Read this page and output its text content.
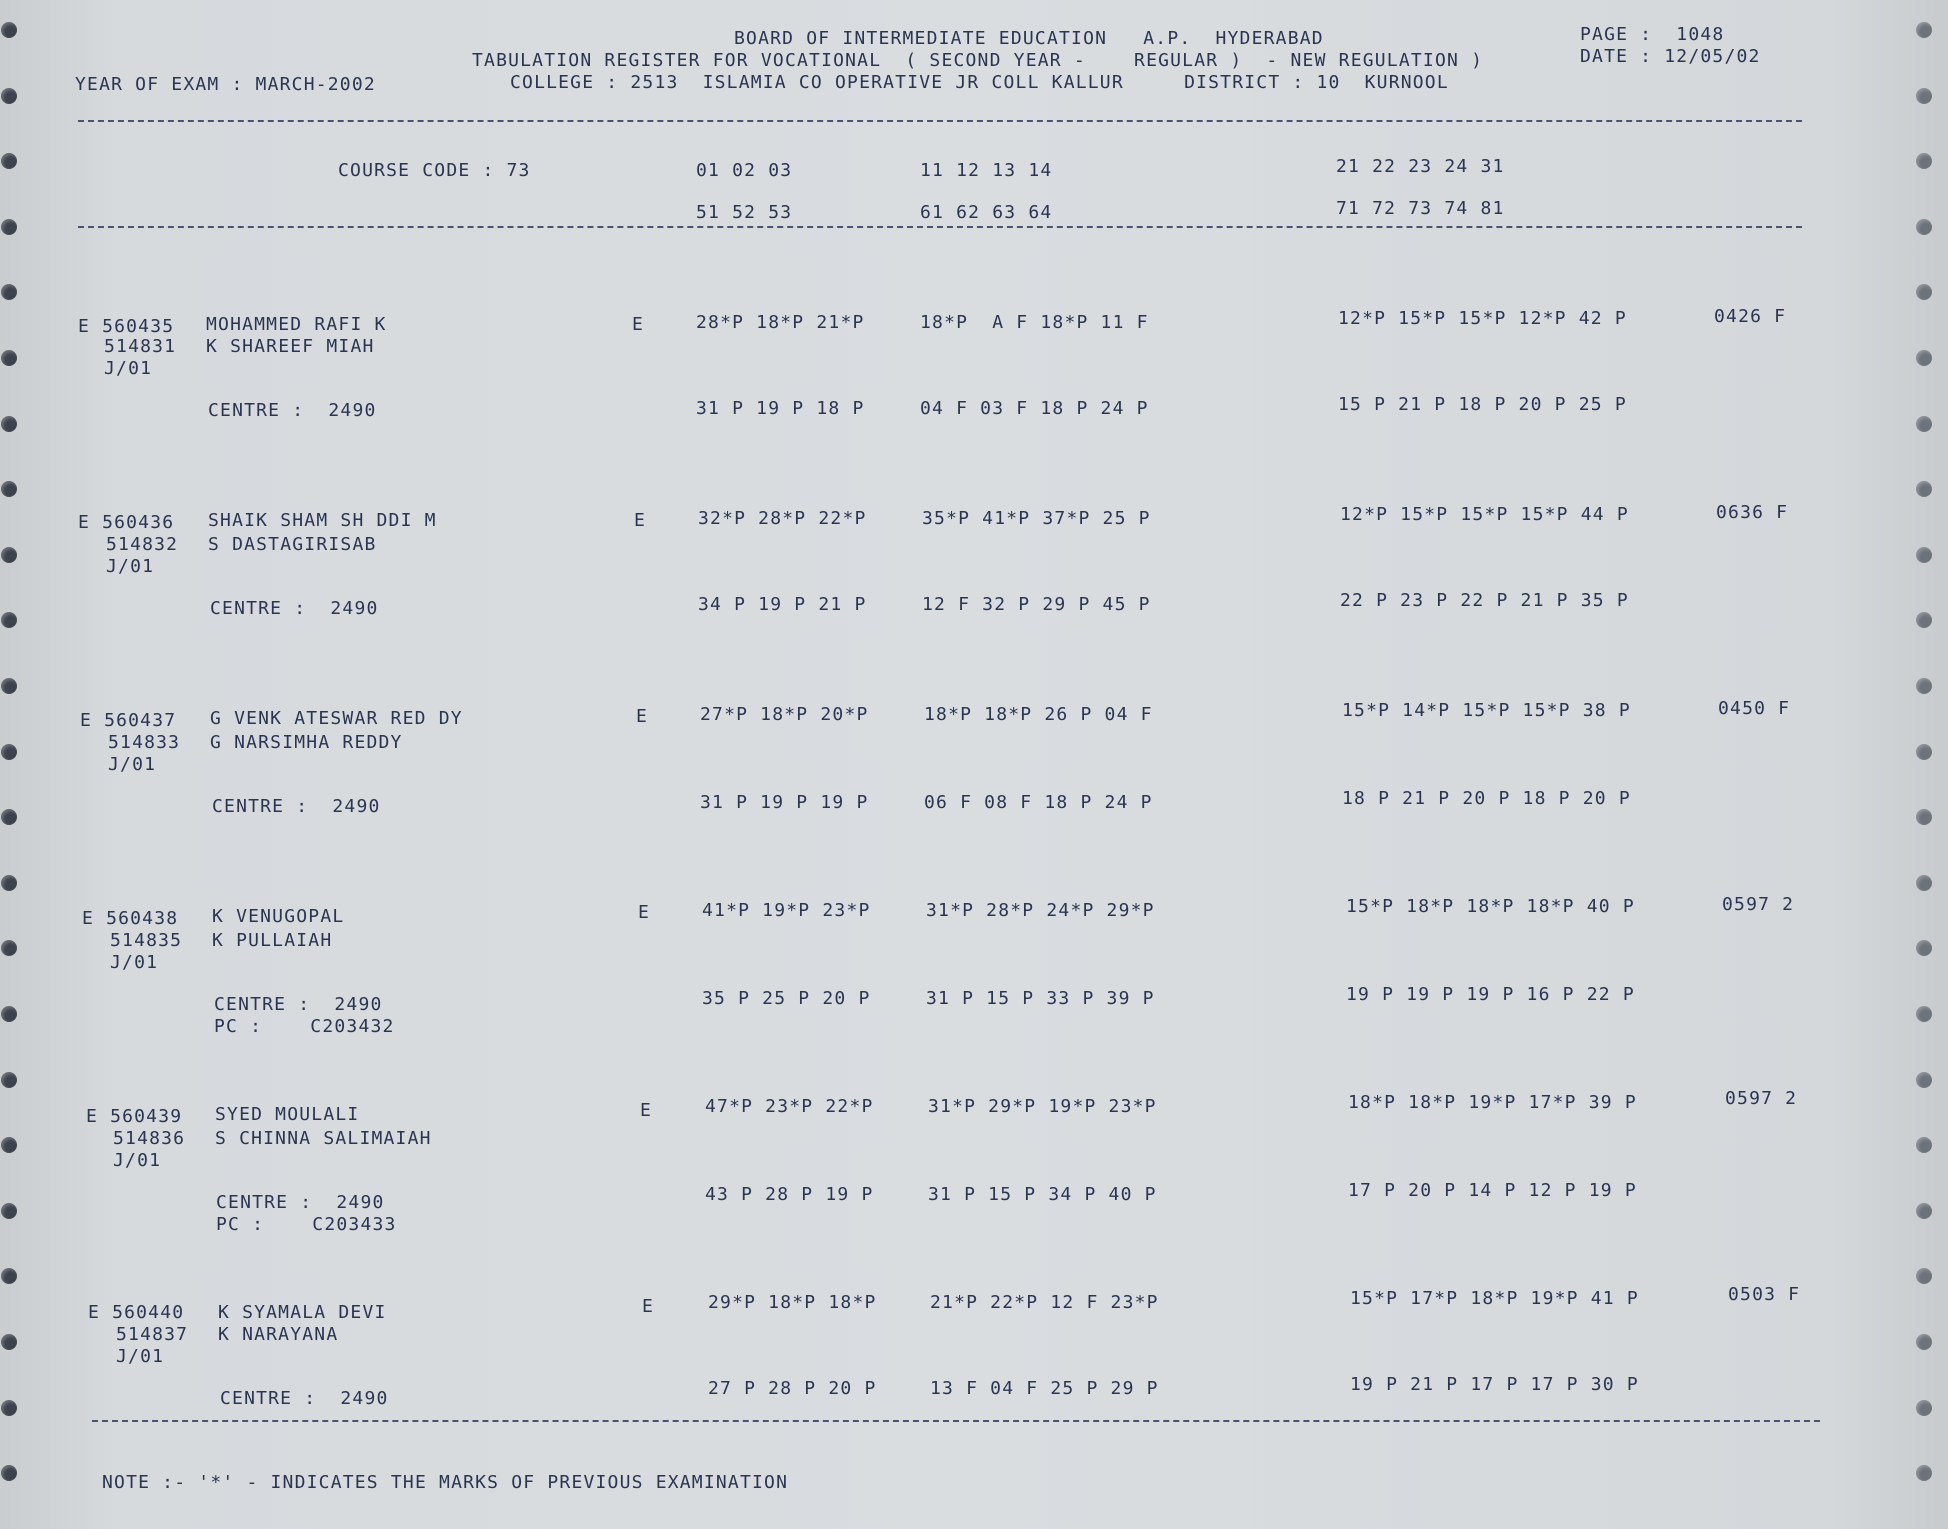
BOARD OF INTERMEDIATE EDUCATION   A.P.  HYDERABAD	PAGE :  1048
TABULATION REGISTER FOR VOCATIONAL  ( SECOND YEAR -    REGULAR )  - NEW REGULATION )	DATE : 12/05/02
YEAR OF EXAM : MARCH-2002	COLLEGE : 2513  ISLAMIA CO OPERATIVE JR COLL KALLUR     DISTRICT : 10  KURNOOL
COURSE CODE : 73	01 02 03	11 12 13 14	21 22 23 24 31
51 52 53	61 62 63 64	71 72 73 74 81
E 560435 MOHAMMED RAFI K	E	28*P 18*P 21*P	18*P  A F 18*P 11 F	12*P 15*P 15*P 12*P 42 P	0426 F
514831 K SHAREEF MIAH
J/01
CENTRE :  2490	31 P 19 P 18 P	04 F 03 F 18 P 24 P	15 P 21 P 18 P 20 P 25 P
E 560436 SHAIK SHAM SH DDI M	E	32*P 28*P 22*P	35*P 41*P 37*P 25 P	12*P 15*P 15*P 15*P 44 P	0636 F
514832 S DASTAGIRISAB
J/01
CENTRE :  2490	34 P 19 P 21 P	12 F 32 P 29 P 45 P	22 P 23 P 22 P 21 P 35 P
E 560437 G VENK ATESWAR RED DY	E	27*P 18*P 20*P	18*P 18*P 26 P 04 F	15*P 14*P 15*P 15*P 38 P	0450 F
514833 G NARSIMHA REDDY
J/01
CENTRE :  2490	31 P 19 P 19 P	06 F 08 F 18 P 24 P	18 P 21 P 20 P 18 P 20 P
E 560438 K VENUGOPAL	E	41*P 19*P 23*P	31*P 28*P 24*P 29*P	15*P 18*P 18*P 18*P 40 P	0597 2
514835 K PULLAIAH
J/01
CENTRE :  2490	35 P 25 P 20 P	31 P 15 P 33 P 39 P	19 P 19 P 19 P 16 P 22 P
PC :    C203432
E 560439 SYED MOULALI	E	47*P 23*P 22*P	31*P 29*P 19*P 23*P	18*P 18*P 19*P 17*P 39 P	0597 2
514836 S CHINNA SALIMAIAH
J/01
CENTRE :  2490	43 P 28 P 19 P	31 P 15 P 34 P 40 P	17 P 20 P 14 P 12 P 19 P
PC :    C203433
E 560440 K SYAMALA DEVI	E	29*P 18*P 18*P	21*P 22*P 12 F 23*P	15*P 17*P 18*P 19*P 41 P	0503 F
514837 K NARAYANA
J/01
CENTRE :  2490	27 P 28 P 20 P	13 F 04 F 25 P 29 P	19 P 21 P 17 P 17 P 30 P
NOTE :- '*' - INDICATES THE MARKS OF PREVIOUS EXAMINATION
